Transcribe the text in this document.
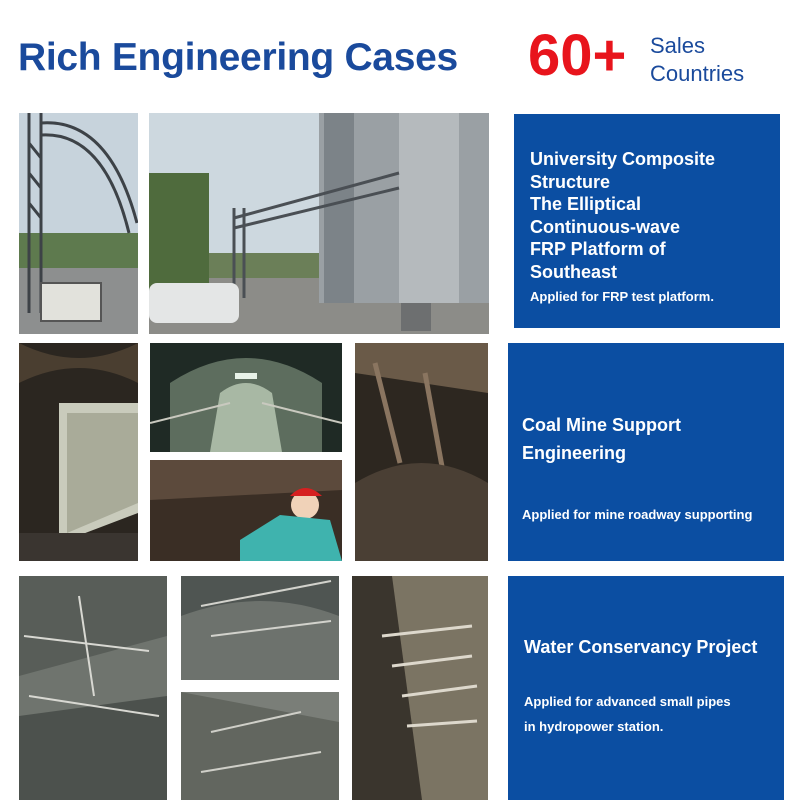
Rich Engineering Cases 60+ Sales
Countries
University Composite
Structure
The Elliptical
Continuous-wave
FRP Platform of
Southeast
Applied for FRP test platform.
Coal Mine Support
Engineering
Applied for mine roadway supporting
Water Conservancy Project
Applied for advanced small pipes
in hydropower station.
